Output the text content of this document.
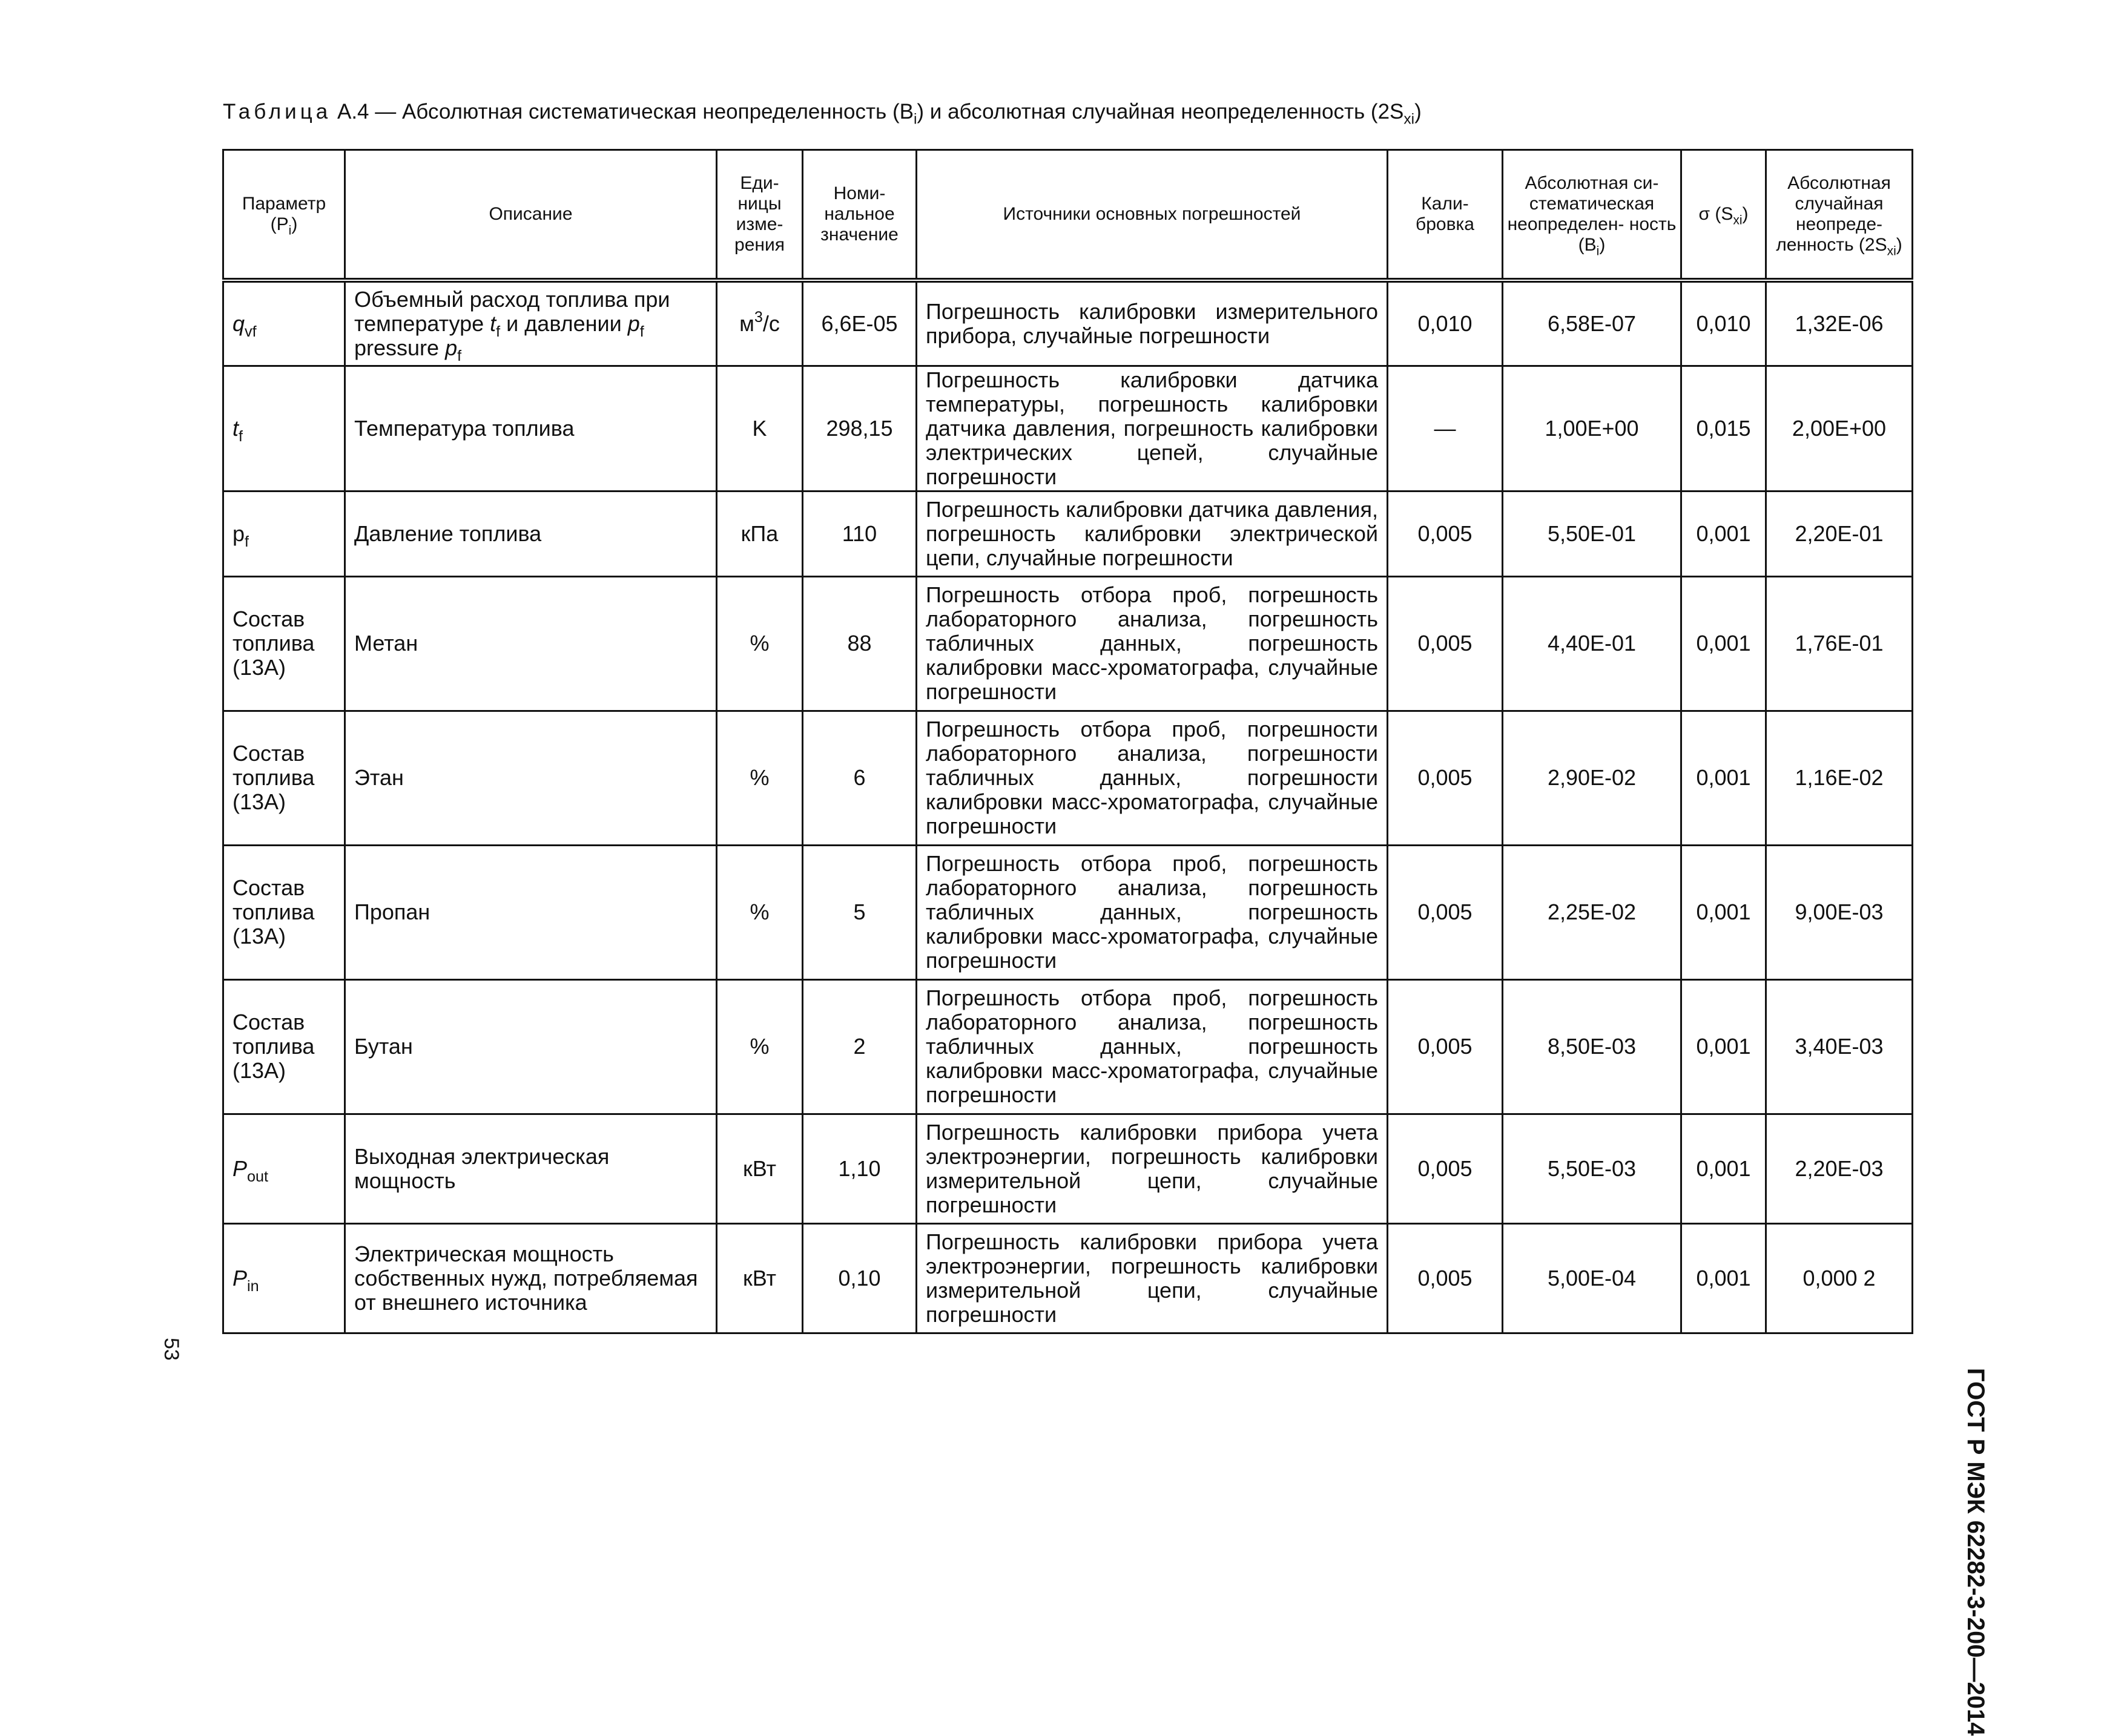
Таблица А.4 — Абсолютная систематическая неопределенность $(B_i)$ и абсолютная случайная неопределенность $(2S_{xi})$
Параметр $(P_i)$	Описание	Еди- ницы изме- рения	Номи- нальное значение	Источники основных погрешностей	Кали- бровка	Абсолютная си- стематическая неопределен- ность $(B_i)$	σ $(S_{xi})$	Абсолютная случайная неопреде- ленность $(2S_{xi})$
$q_{vf}$	Объемный расход топлива при температуре $t_f$ и давлении $p_f$ pressure $p_f$	$м^3/с$	6,6Е-05	Погрешность калибровки измерительного прибора, случайные погрешности	0,010	6,58Е-07	0,010	1,32Е-06
$t_f$	Температура топлива	K	298,15	Погрешность калибровки датчика температуры, погрешность калибровки датчика давления, погрешность калибровки электрических цепей, случайные погрешности	—	1,00Е+00	0,015	2,00Е+00
$p_f$	Давление топлива	кПа	110	Погрешность калибровки датчика давления, погрешность калибровки электрической цепи, случайные погрешности	0,005	5,50Е-01	0,001	2,20Е-01
Состав топлива (13А)	Метан	%	88	Погрешность отбора проб, погрешность лабораторного анализа, погрешность табличных данных, погрешность калибровки масс-хроматографа, случайные погрешности	0,005	4,40Е-01	0,001	1,76Е-01
Состав топлива (13А)	Этан	%	6	Погрешность отбора проб, погрешности лабораторного анализа, погрешности табличных данных, погрешности калибровки масс-хроматографа, случайные погрешности	0,005	2,90Е-02	0,001	1,16Е-02
Состав топлива (13А)	Пропан	%	5	Погрешность отбора проб, погрешность лабораторного анализа, погрешность табличных данных, погрешность калибровки масс-хроматографа, случайные погрешности	0,005	2,25Е-02	0,001	9,00Е-03
Состав топлива (13А)	Бутан	%	2	Погрешность отбора проб, погрешность лабораторного анализа, погрешность табличных данных, погрешность калибровки масс-хроматографа, случайные погрешности	0,005	8,50Е-03	0,001	3,40Е-03
$P_{out}$	Выходная электрическая мощность	кВт	1,10	Погрешность калибровки прибора учета электроэнергии, погрешность калибровки измерительной цепи, случайные погрешности	0,005	5,50Е-03	0,001	2,20Е-03
$P_{in}$	Электрическая мощность собственных нужд, потребляемая от внешнего источника	кВт	0,10	Погрешность калибровки прибора учета электроэнергии, погрешность калибровки измерительной цепи, случайные погрешности	0,005	5,00Е-04	0,001	0,000 2
ГОСТ Р МЭК 62282-3-200—2014
53
